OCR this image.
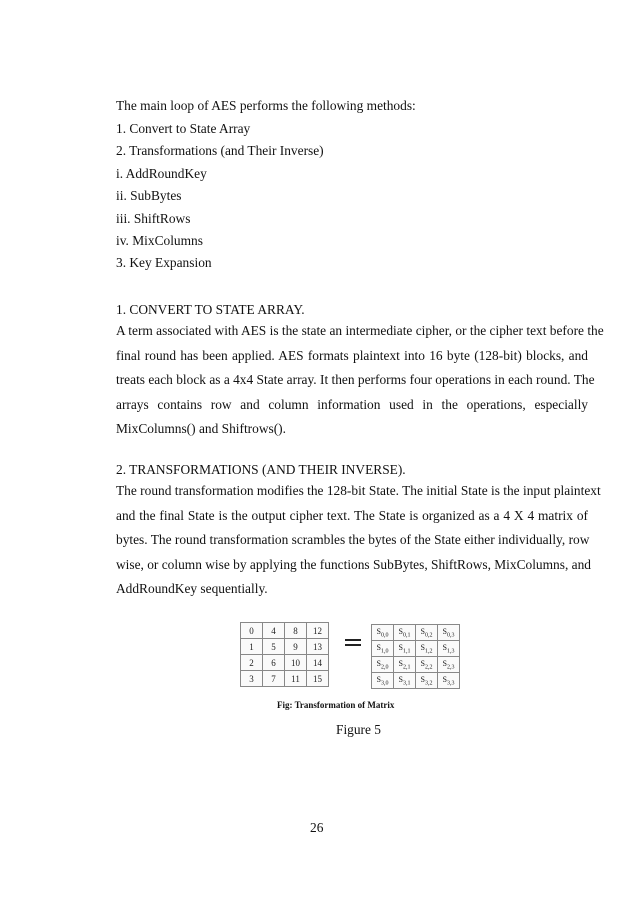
The main loop of AES performs the following methods:
1. Convert to State Array
2. Transformations (and Their Inverse)
i. AddRoundKey
ii. SubBytes
iii. ShiftRows
iv. MixColumns
3. Key Expansion
1. CONVERT TO STATE ARRAY.
A term associated with AES is the state an intermediate cipher, or the cipher text before the
final round has been applied. AES formats plaintext into 16 byte (128-bit) blocks, and
treats each block as a 4x4 State array. It then performs four operations in each round. The
arrays contains row and column information used in the operations, especially
MixColumns() and Shiftrows().
2. TRANSFORMATIONS (AND THEIR INVERSE).
The round transformation modifies the 128-bit State. The initial State is the input plaintext
and the final State is the output cipher text. The State is organized as a 4 X 4 matrix of
bytes. The round transformation scrambles the bytes of the State either individually, row
wise, or column wise by applying the functions SubBytes, ShiftRows, MixColumns, and
AddRoundKey sequentially.
0	4	8	12
1	5	9	13
2	6	10	14
3	7	11	15
$S_{0,0}$	$S_{0,1}$	$S_{0,2}$	$S_{0,3}$
$S_{1,0}$	$S_{1,1}$	$S_{1,2}$	$S_{1,3}$
$S_{2,0}$	$S_{2,1}$	$S_{2,2}$	$S_{2,3}$
$S_{3,0}$	$S_{3,1}$	$S_{3,2}$	$S_{3,3}$
Fig: Transformation of Matrix
Figure 5
26
